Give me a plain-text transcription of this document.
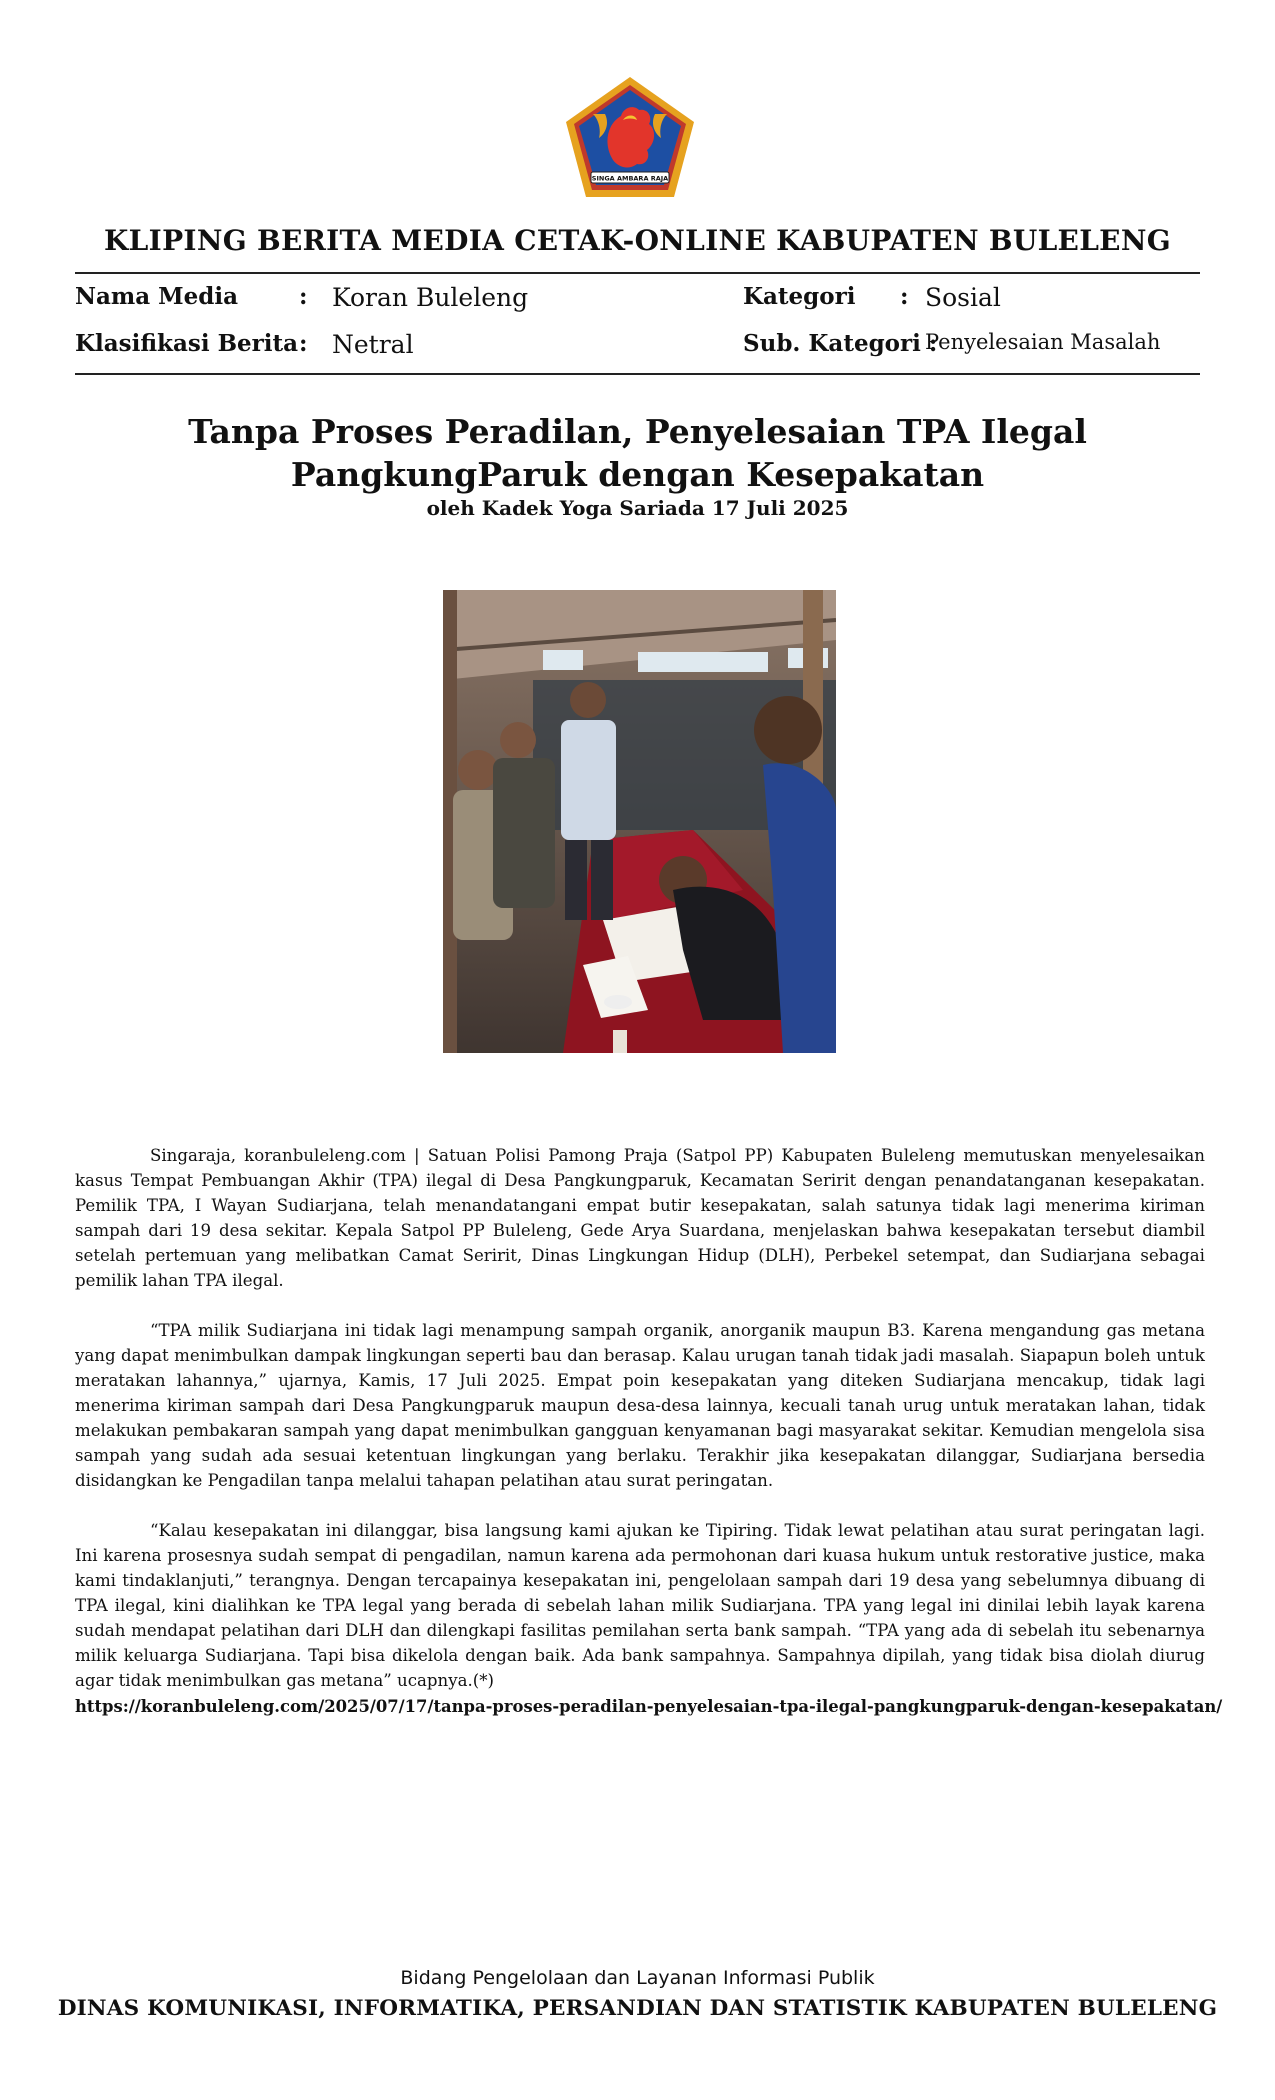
SINGA AMBARA RAJA
KLIPING BERITA MEDIA CETAK-ONLINE KABUPATEN BULELENG
Nama Media	: Koran Buleleng	Kategori : Sosial
Klasifikasi Berita : Netral	Sub. Kategori :
Penyelesaian Masalah
Tanpa Proses Peradilan, Penyelesaian TPA Ilegal PangkungParuk dengan Kesepakatan
oleh Kadek Yoga Sariada 17 Juli 2025

Singaraja, koranbuleleng.com | Satuan Polisi Pamong Praja (Satpol PP) Kabupaten Buleleng memutuskan menyelesaikan kasus Tempat Pembuangan Akhir (TPA) ilegal di Desa Pangkungparuk, Kecamatan Seririt dengan penandatanganan kesepakatan. Pemilik TPA, I Wayan Sudiarjana, telah menandatangani empat butir kesepakatan, salah satunya tidak lagi menerima kiriman sampah dari 19 desa sekitar. Kepala Satpol PP Buleleng, Gede Arya Suardana, menjelaskan bahwa kesepakatan tersebut diambil setelah pertemuan yang melibatkan Camat Seririt, Dinas Lingkungan Hidup (DLH), Perbekel setempat, dan Sudiarjana sebagai pemilik lahan TPA ilegal.

“TPA milik Sudiarjana ini tidak lagi menampung sampah organik, anorganik maupun B3. Karena mengandung gas metana yang dapat menimbulkan dampak lingkungan seperti bau dan berasap. Kalau urugan tanah tidak jadi masalah. Siapapun boleh untuk meratakan lahannya,” ujarnya, Kamis, 17 Juli 2025. Empat poin kesepakatan yang diteken Sudiarjana mencakup, tidak lagi menerima kiriman sampah dari Desa Pangkungparuk maupun desa-desa lainnya, kecuali tanah urug untuk meratakan lahan, tidak melakukan pembakaran sampah yang dapat menimbulkan gangguan kenyamanan bagi masyarakat sekitar. Kemudian mengelola sisa sampah yang sudah ada sesuai ketentuan lingkungan yang berlaku. Terakhir jika kesepakatan dilanggar, Sudiarjana bersedia disidangkan ke Pengadilan tanpa melalui tahapan pelatihan atau surat peringatan.

“Kalau kesepakatan ini dilanggar, bisa langsung kami ajukan ke Tipiring. Tidak lewat pelatihan atau surat peringatan lagi. Ini karena prosesnya sudah sempat di pengadilan, namun karena ada permohonan dari kuasa hukum untuk restorative justice, maka kami tindaklanjuti,” terangnya. Dengan tercapainya kesepakatan ini, pengelolaan sampah dari 19 desa yang sebelumnya dibuang di TPA ilegal, kini dialihkan ke TPA legal yang berada di sebelah lahan milik Sudiarjana. TPA yang legal ini dinilai lebih layak karena sudah mendapat pelatihan dari DLH dan dilengkapi fasilitas pemilahan serta bank sampah. “TPA yang ada di sebelah itu sebenarnya milik keluarga Sudiarjana. Tapi bisa dikelola dengan baik. Ada bank sampahnya. Sampahnya dipilah, yang tidak bisa diolah diurug agar tidak menimbulkan gas metana” ucapnya.(*)

https://koranbuleleng.com/2025/07/17/tanpa-proses-peradilan-penyelesaian-tpa-ilegal-pangkungparuk-dengan-kesepakatan/
Bidang Pengelolaan dan Layanan Informasi Publik
DINAS KOMUNIKASI, INFORMATIKA, PERSANDIAN DAN STATISTIK KABUPATEN BULELENG
